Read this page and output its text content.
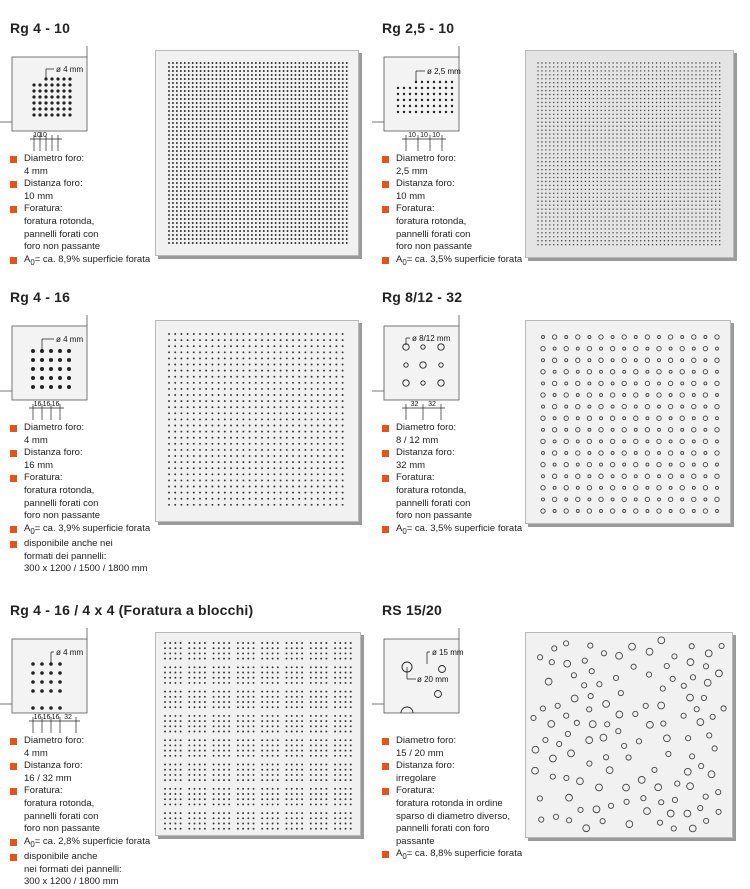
Rg 4 - 10
ø 4 mm
10
10
Diametro foro:
4 mm
Distanza foro:
10 mm
Foratura:
foratura rotonda,
pannelli forati con
foro non passante
$A_0=$ ca. 8,9% superficie forata
Rg 2,5 - 10
ø 2,5 mm
10 10 10
Diametro foro:
2,5 mm
Distanza foro:
10 mm
Foratura:
foratura rotonda,
pannelli forati con
foro non passante
$A_0=$ ca. 3,5% superficie forata
Rg 4 - 16
ø 4 mm
16 16 16
Diametro foro:
4 mm
Distanza foro:
16 mm
Foratura:
foratura rotonda,
pannelli forati con
foro non passante
$A_0=$ ca. 3,9% superficie forata
disponibile anche nei
formati dei pannelli:
300 x 1200 / 1500 / 1800 mm
Rg 8/12 - 32
ø 8/12 mm
32 32
Diametro foro:
8 / 12 mm
Distanza foro:
32 mm
Foratura:
foratura rotonda,
pannelli forati con
foro non passante
$A_0=$ ca. 3,5% superficie forata
Rg 4 - 16 / 4 x 4 (Foratura a blocchi)
ø 4 mm
16 16 16 32
Diametro foro:
4 mm
Distanza foro:
16 / 32 mm
Foratura:
foratura rotonda,
pannelli forati con
foro non passante
$A_0=$ ca. 2,8% superficie forata
disponibile anche
nei formati dei pannelli:
300 x 1200 / 1800 mm
RS 15/20
ø 15 mm
ø 20 mm
Diametro foro:
15 / 20 mm
Distanza foro:
irregolare
Foratura:
foratura rotonda in ordine
sparso di diametro diverso,
pannelli forati con foro
passante
$A_0=$ ca. 8,8% superficie forata
